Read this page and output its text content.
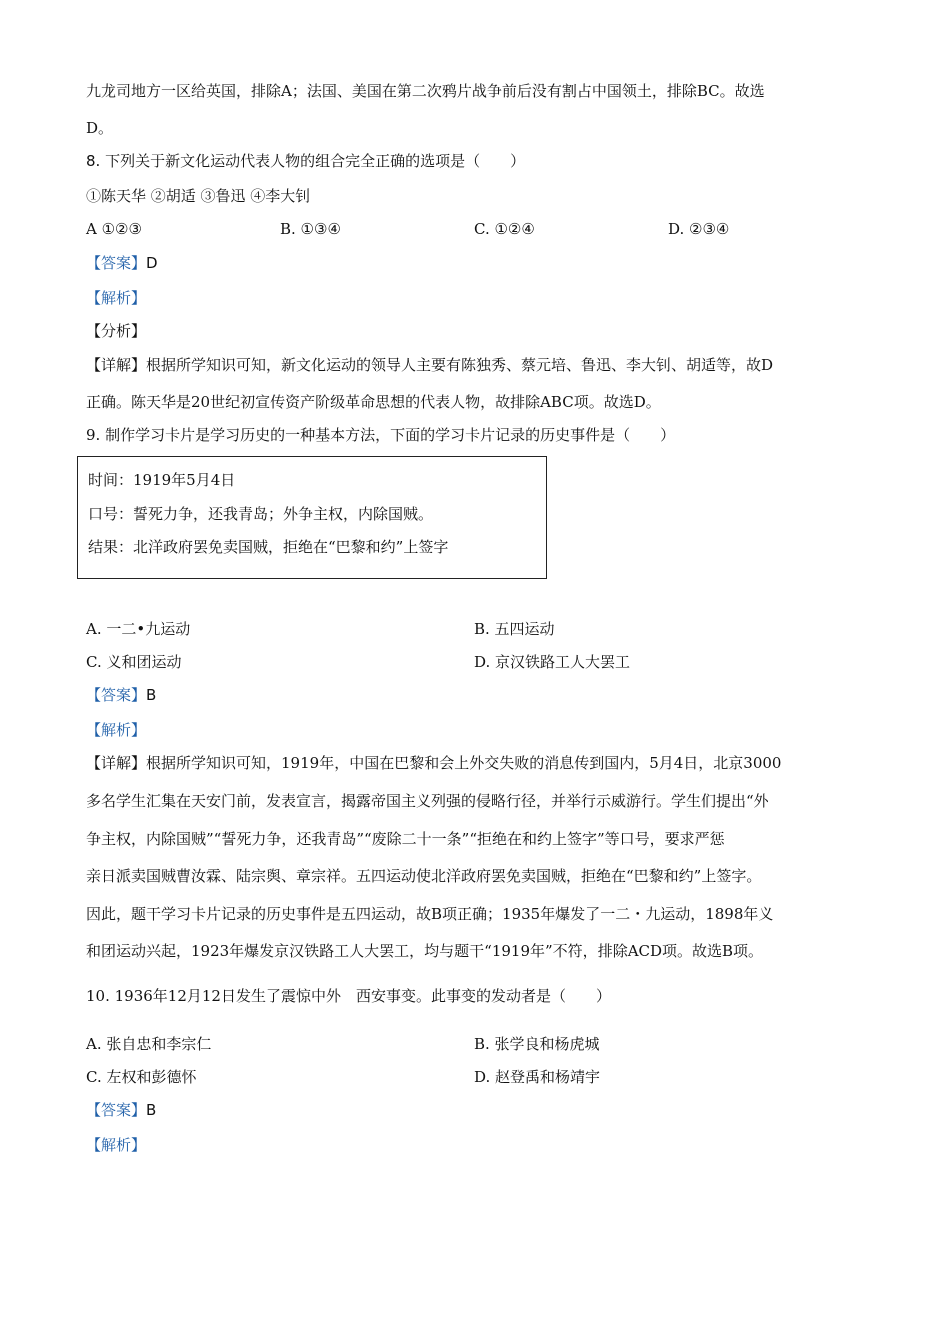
九龙司地方一区给英国，排除A；法国、美国在第二次鸦片战争前后没有割占中国领土，排除BC。故选
D。
8. 下列关于新文化运动代表人物的组合完全正确的选项是（　　）
①陈天华 ②胡适 ③鲁迅 ④李大钊
A ①②③	B. ①③④	C. ①②④	D. ②③④
【答案】D
【解析】
【分析】
【详解】根据所学知识可知，新文化运动的领导人主要有陈独秀、蔡元培、鲁迅、李大钊、胡适等，故D
正确。陈天华是20世纪初宣传资产阶级革命思想的代表人物，故排除ABC项。故选D。
9. 制作学习卡片是学习历史的一种基本方法，下面的学习卡片记录的历史事件是（　　）
时间：1919年5月4日
口号：誓死力争，还我青岛；外争主权，内除国贼。
结果：北洋政府罢免卖国贼，拒绝在“巴黎和约”上签字
A. 一二•九运动	B. 五四运动
C. 义和团运动	D. 京汉铁路工人大罢工
【答案】B
【解析】
【详解】根据所学知识可知，1919年，中国在巴黎和会上外交失败的消息传到国内，5月4日，北京3000
多名学生汇集在天安门前，发表宣言，揭露帝国主义列强的侵略行径，并举行示威游行。学生们提出“外
争主权，内除国贼”“誓死力争，还我青岛”“废除二十一条”“拒绝在和约上签字”等口号，要求严惩
亲日派卖国贼曹汝霖、陆宗舆、章宗祥。五四运动使北洋政府罢免卖国贼，拒绝在“巴黎和约”上签字。
因此，题干学习卡片记录的历史事件是五四运动，故B项正确；1935年爆发了一二・九运动，1898年义
和团运动兴起，1923年爆发京汉铁路工人大罢工，均与题干“1919年”不符，排除ACD项。故选B项。
10. 1936年12月12日发生了震惊中外　西安事变。此事变的发动者是（　　）
A. 张自忠和李宗仁	B. 张学良和杨虎城
C. 左权和彭德怀	D. 赵登禹和杨靖宇
【答案】B
【解析】
